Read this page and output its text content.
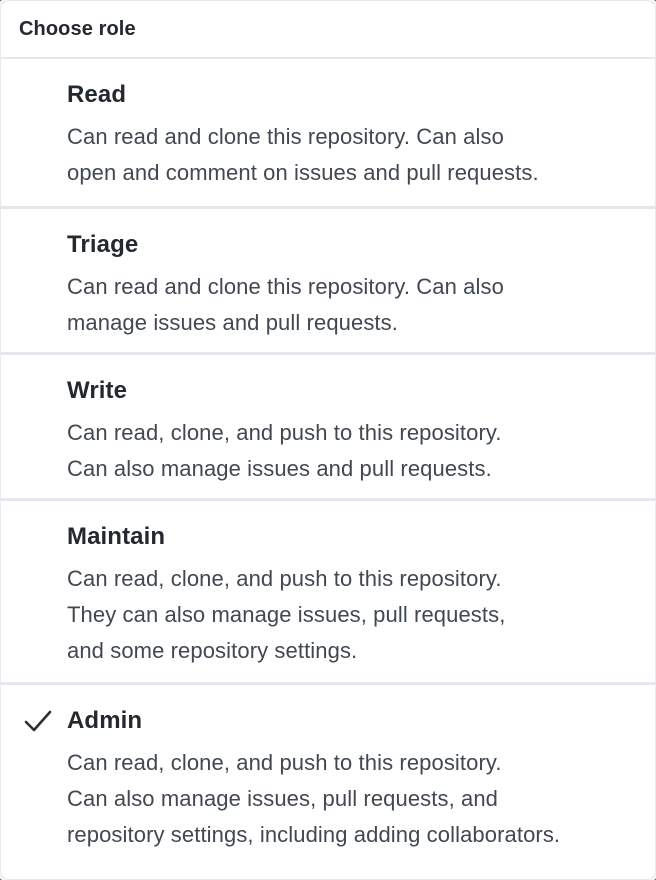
Choose role
Read
Can read and clone this repository. Can also
open and comment on issues and pull requests.
Triage
Can read and clone this repository. Can also
manage issues and pull requests.
Write
Can read, clone, and push to this repository.
Can also manage issues and pull requests.
Maintain
Can read, clone, and push to this repository.
They can also manage issues, pull requests,
and some repository settings.
Admin
Can read, clone, and push to this repository.
Can also manage issues, pull requests, and
repository settings, including adding collaborators.
